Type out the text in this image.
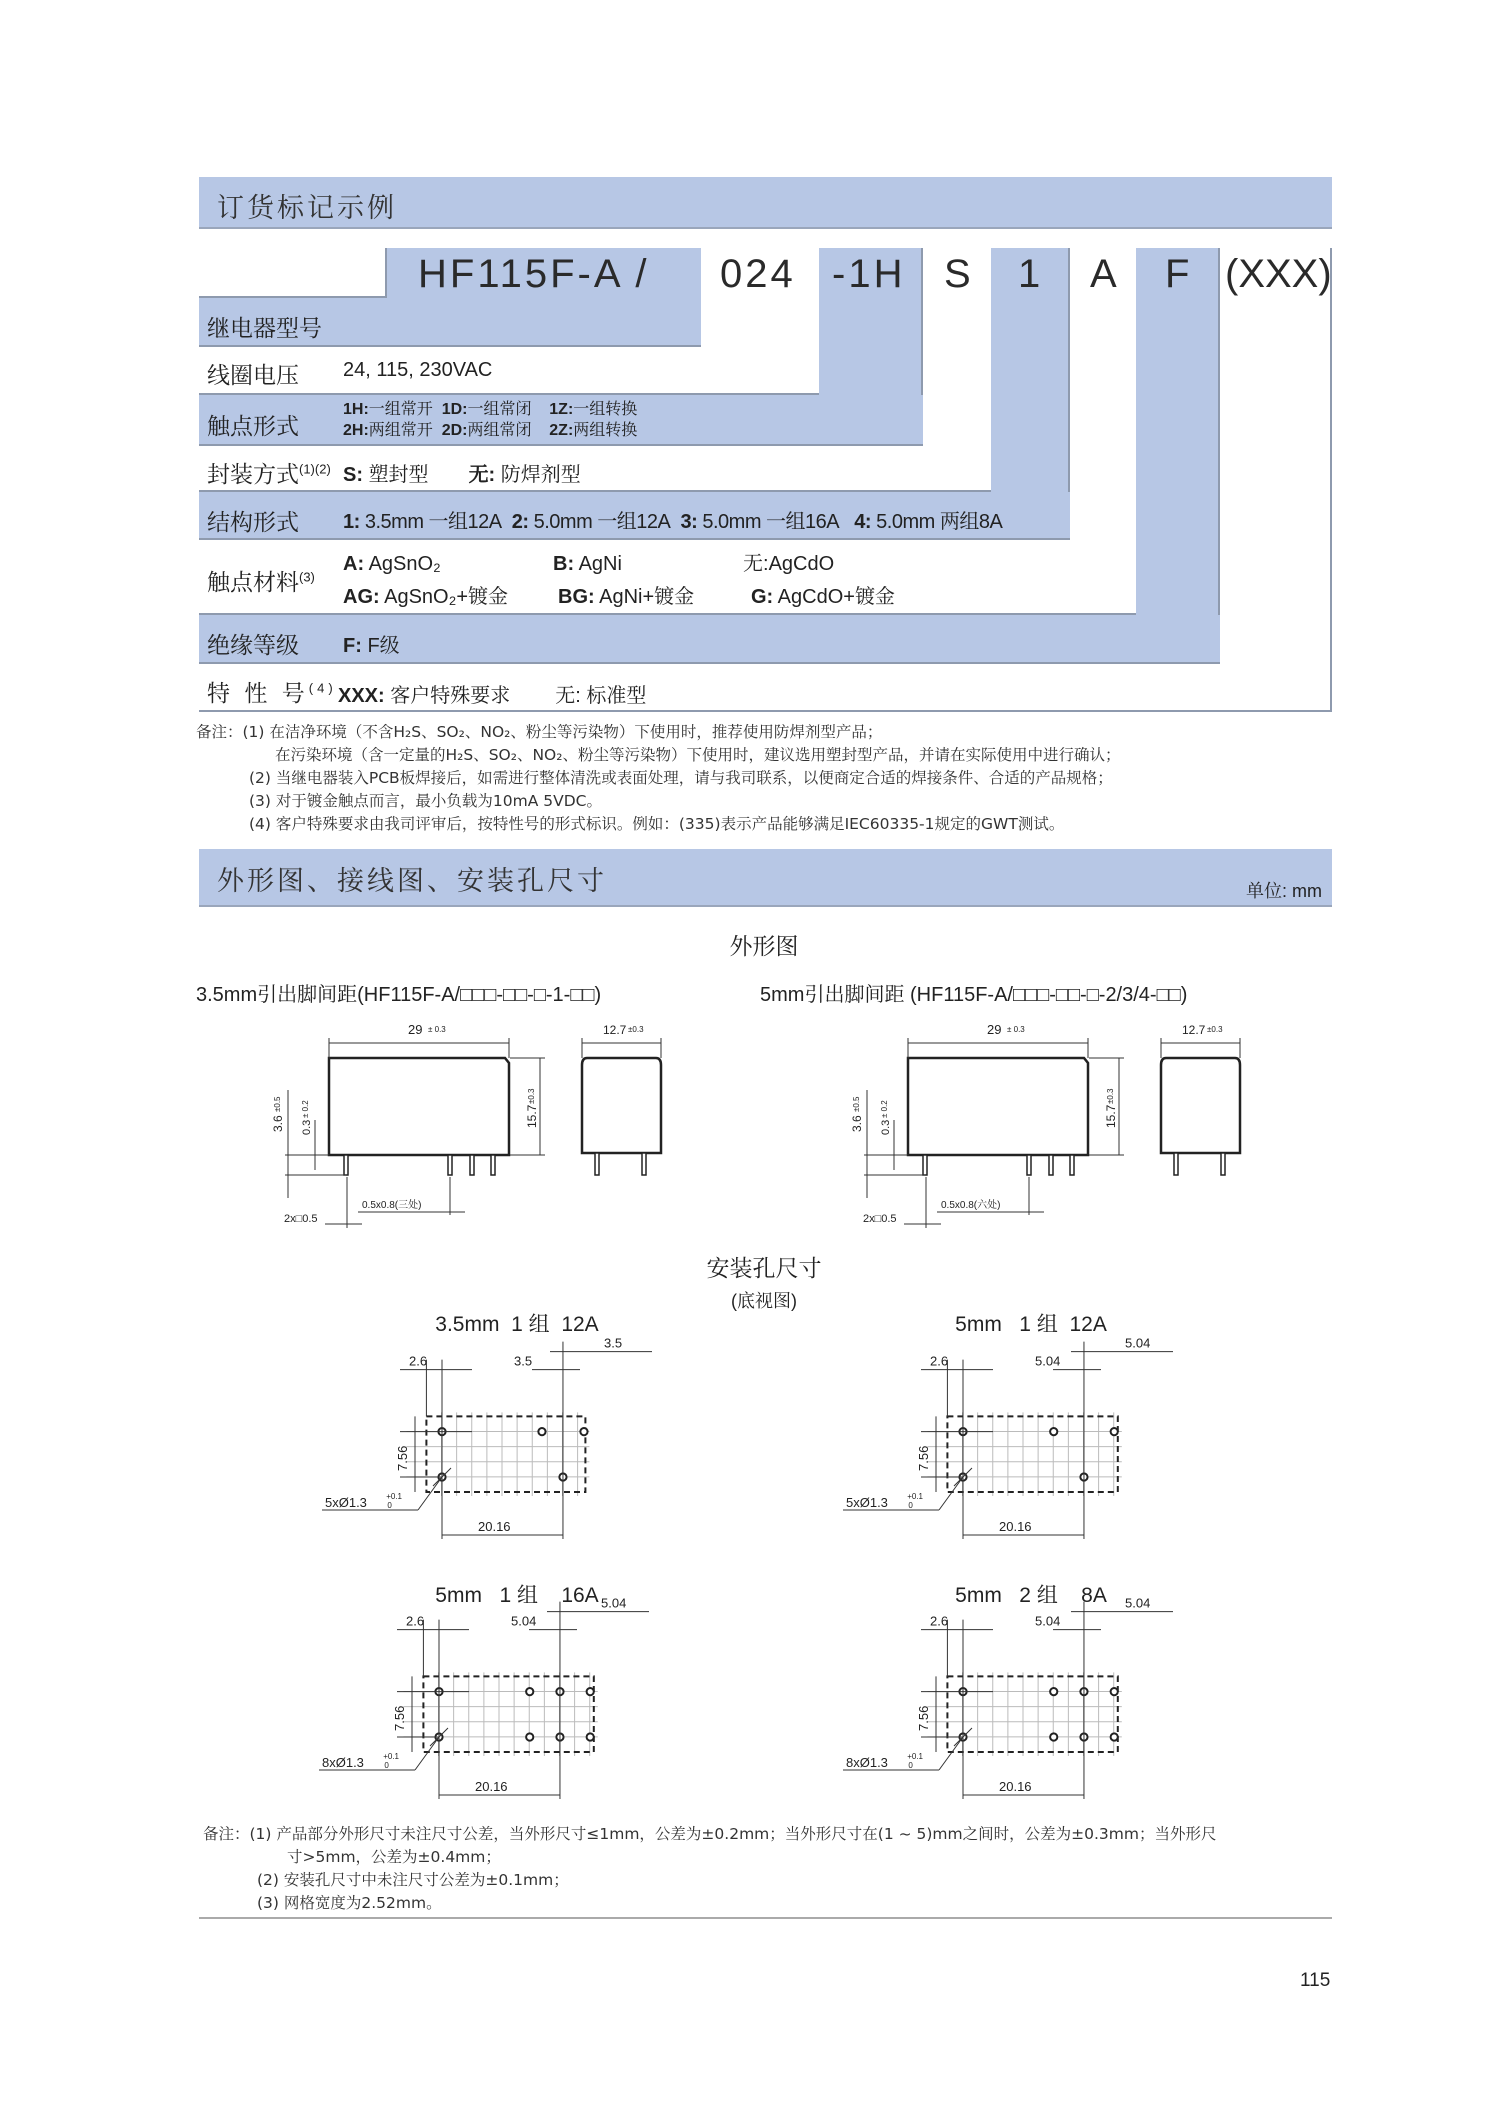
订货标记示例
HF115F-A / 024 -1H S 1 A F (XXX)
继电器型号
线圈电压 24, 115, 230VAC
触点形式
1H:一组常开 1D:一组常闭 1Z:一组转换
2H:两组常开 2D:两组常闭 2Z:两组转换
封装方式$^{(1)(2)}$ S: 塑封型 无: 防焊剂型
结构形式 1: 3.5mm 一组12A 2: 5.0mm 一组12A 3: 5.0mm 一组16A 4: 5.0mm 两组8A
触点材料$^{(3)}$
A: AgSnO₂	B: AgNi	无:AgCdO
AG: AgSnO₂+镀金 BG: AgNi+镀金	G: AgCdO+镀金
绝缘等级 F: F级
特 性 号$^{(4)}$ XXX: 客户特殊要求 无: 标准型
备注：(1) 在洁净环境（不含H₂S、SO₂、NO₂、粉尘等污染物）下使用时，推荐使用防焊剂型产品；
在污染环境（含一定量的H₂S、SO₂、NO₂、粉尘等污染物）下使用时，建议选用塑封型产品，并请在实际使用中进行确认；
(2) 当继电器装入PCB板焊接后，如需进行整体清洗或表面处理，请与我司联系，以便商定合适的焊接条件、合适的产品规格；
(3) 对于镀金触点而言，最小负载为10mA 5VDC。
(4) 客户特殊要求由我司评审后，按特性号的形式标识。例如：(335)表示产品能够满足IEC60335-1规定的GWT测试。
外形图、接线图、安装孔尺寸	单位: mm
外形图
3.5mm引出脚间距(HF115F-A/□□□-□□-□-1-□□)	5mm引出脚间距 (HF115F-A/□□□-□□-□-2/3/4-□□)
29 ± 0.3	12.7 ±0.3
15.7
±0.3
3.6
±0.5
0.3
± 0.2
0.5x0.8(三处)
2x□0.5
29 ± 0.3	12.7 ±0.3
15.7
±0.3
3.6
±0.5
0.3
± 0.2
0.5x0.8(六处)
2x□0.5
安装孔尺寸
(底视图)
3.5mm  1 组  12A	5mm   1 组  12A
5mm   1 组    16A	5mm   2 组    8A
2.6	3.5
3.5
7.56
20.16
5xØ1.3 +0.1
0
2.6	5.04
5.04
7.56
20.16
5xØ1.3 +0.1
0
2.6	5.04
5.04
7.56
20.16
8xØ1.3 +0.1
0
2.6	5.04
5.04
7.56
20.16
8xØ1.3 +0.1
0
备注：(1) 产品部分外形尺寸未注尺寸公差，当外形尺寸≤1mm，公差为±0.2mm；当外形尺寸在(1 ~ 5)mm之间时，公差为±0.3mm；当外形尺
寸>5mm，公差为±0.4mm；
(2) 安装孔尺寸中未注尺寸公差为±0.1mm；
(3) 网格宽度为2.52mm。
115
